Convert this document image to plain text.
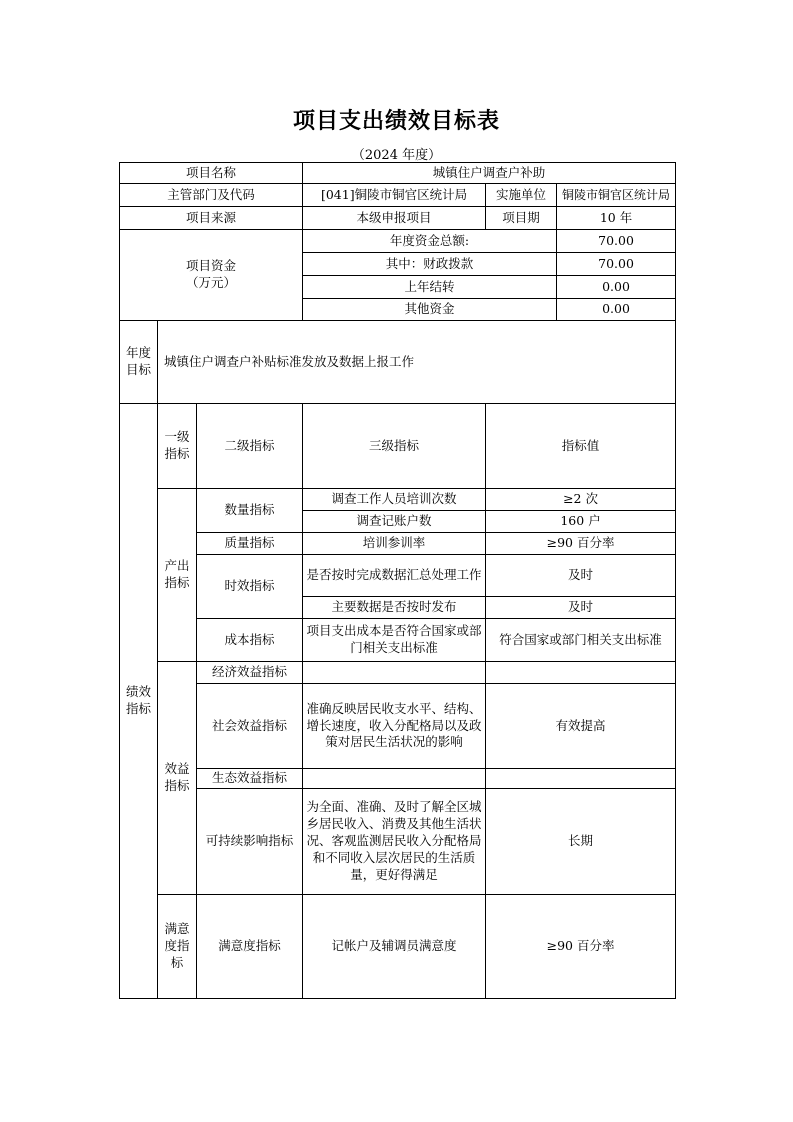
项目支出绩效目标表
（2024 年度）
项目名称			城镇住户调查户补助		
主管部门及代码			[041]铜陵市铜官区统计局	实施单位	铜陵市铜官区统计局
项目来源			本级申报项目	项目期	10 年

项目资金
（万元）			年度资金总额:		70.00
			其中：财政拨款		70.00
			上年结转		0.00
			其他资金		0.00
年度目标	城镇住户调查户补贴标准发放及数据上报工作				
绩效指标	一级指标	二级指标	三级指标	指标值	
	产出指标	数量指标	调查工作人员培训次数	≥2 次	
			调查记账户数	160 户	
		质量指标	培训参训率	≥90 百分率	
		时效指标	是否按时完成数据汇总处理工作	及时	
			主要数据是否按时发布	及时	
		成本指标	项目支出成本是否符合国家或部门相关支出标准	符合国家或部门相关支出标准	

	效益指标	经济效益指标			
		社会效益指标	准确反映居民收支水平、结构、增长速度，收入分配格局以及政策对居民生活状况的影响	有效提高	
		生态效益指标			
		可持续影响指标	为全面、准确、及时了解全区城乡居民收入、消费及其他生活状况、客观监测居民收入分配格局和不同收入层次居民的生活质量，更好得满足	长期	

	满意度指标	满意度指标	记帐户及辅调员满意度	≥90 百分率	
